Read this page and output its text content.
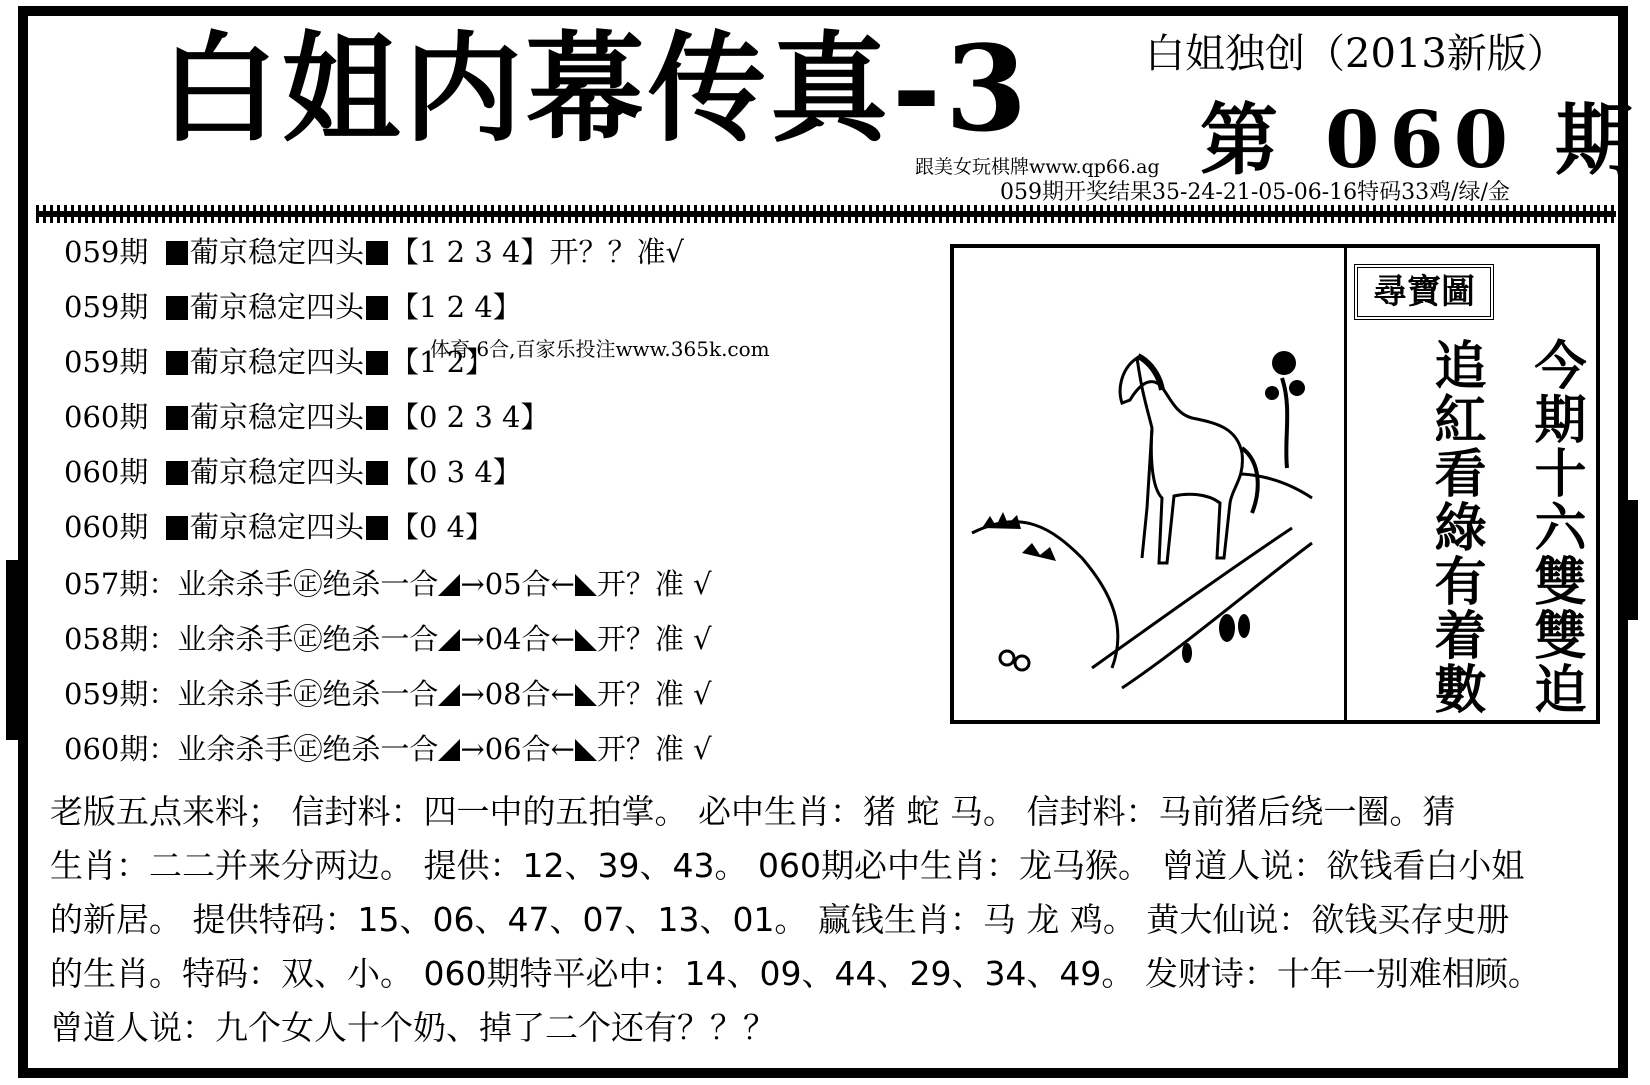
白姐内幕传真-3	白姐独创（2013新版）
第 060 期
跟美女玩棋牌www.qp66.ag
059期开奖结果35-24-21-05-06-16特码33鸡/绿/金
059期 葡京稳定四头 【1 2 3 4】开？？准√
059期 葡京稳定四头 【1 2 4】
059期 葡京稳定四头 【1 2】
060期 葡京稳定四头 【0 2 3 4】
060期 葡京稳定四头 【0 3 4】
060期 葡京稳定四头 【0 4】
体育,6合,百家乐投注www.365k.com
057期：业余杀手㊣绝杀一合 →05合← 开？准 √
058期：业余杀手㊣绝杀一合 →04合← 开？准 √
059期：业余杀手㊣绝杀一合 →08合← 开？准 √
060期：业余杀手㊣绝杀一合 →06合← 开？准 √
尋寶圖
今期十六雙雙迫
追紅看綠有着數
老版五点来料； 信封料：四一中的五拍掌。 必中生肖：猪 蛇 马。 信封料：马前猪后绕一圈。猜
生肖：二二并来分两边。 提供：12、39、43。 060期必中生肖：龙马猴。 曾道人说：欲钱看白小姐
的新居。 提供特码：15、06、47、07、13、01。 赢钱生肖：马 龙 鸡。 黄大仙说：欲钱买存史册
的生肖。特码：双、小。 060期特平必中：14、09、44、29、34、49。 发财诗：十年一别难相顾。
曾道人说：九个女人十个奶、掉了二个还有？？？
